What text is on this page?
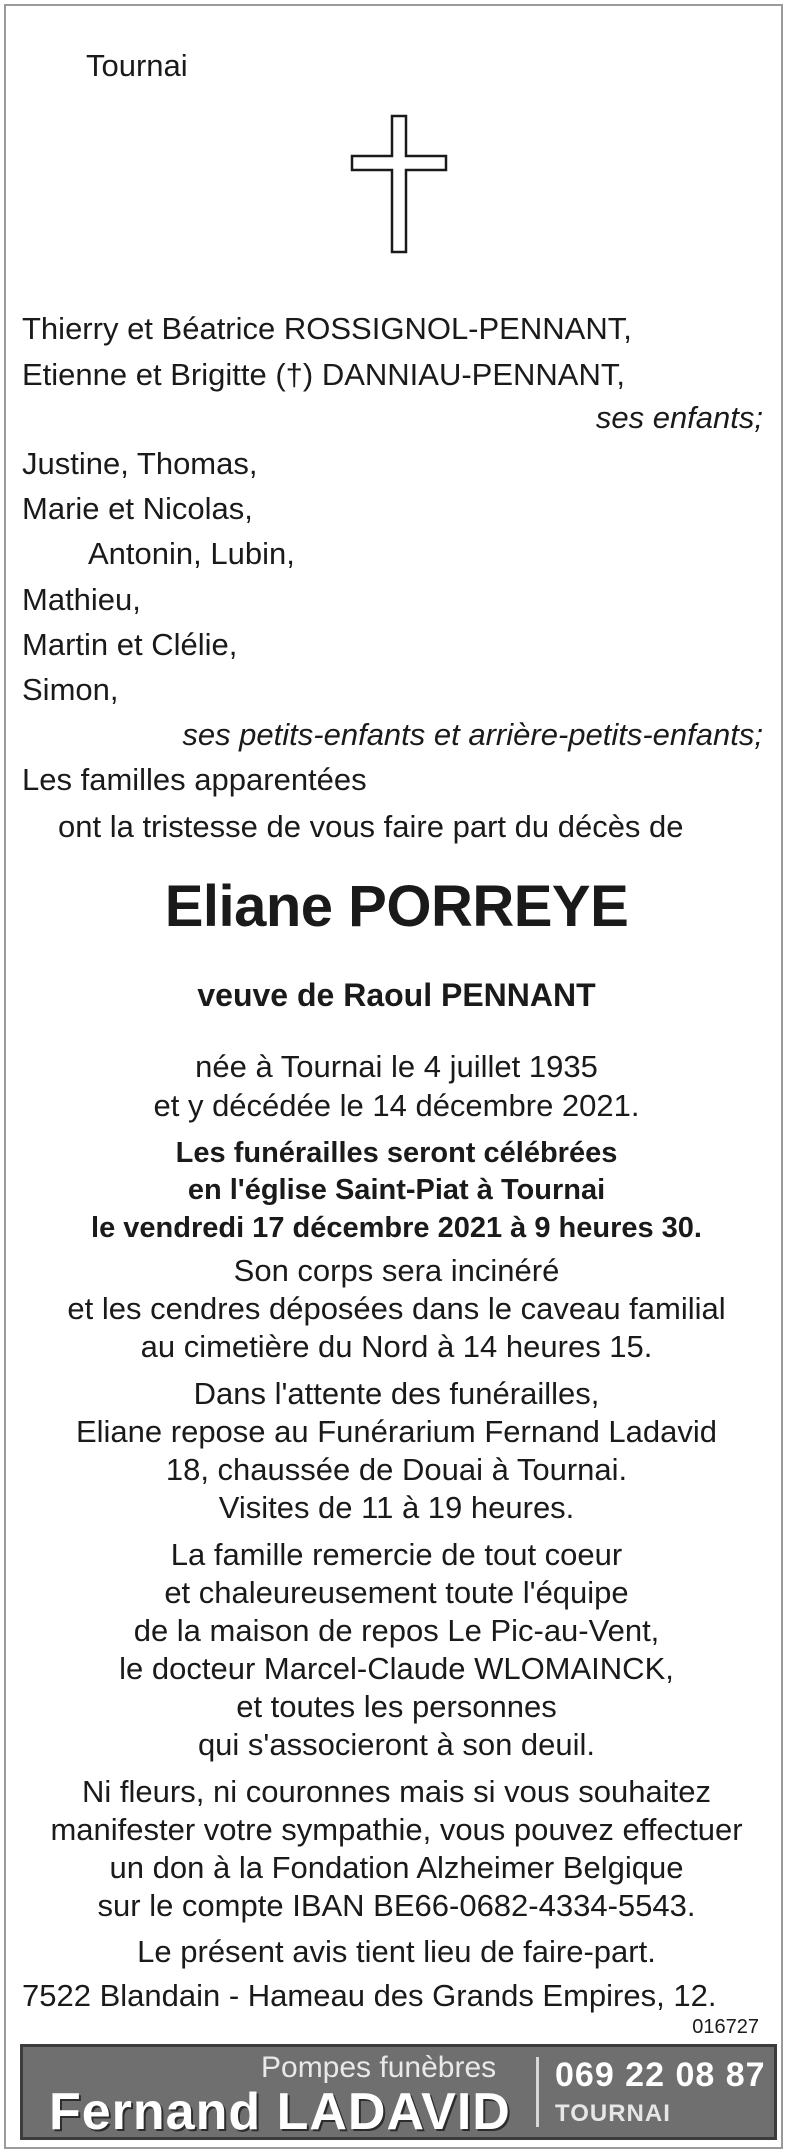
Tournai
Thierry et Béatrice ROSSIGNOL-PENNANT,
Etienne et Brigitte (†) DANNIAU-PENNANT,
ses enfants;
Justine, Thomas,
Marie et Nicolas,
Antonin, Lubin,
Mathieu,
Martin et Clélie,
Simon,
ses petits-enfants et arrière-petits-enfants;
Les familles apparentées
ont la tristesse de vous faire part du décès de
Eliane PORREYE
veuve de Raoul PENNANT
née à Tournai le 4 juillet 1935
et y décédée le 14 décembre 2021.
Les funérailles seront célébrées
en l'église Saint-Piat à Tournai
le vendredi 17 décembre 2021 à 9 heures 30.
Son corps sera incinéré
et les cendres déposées dans le caveau familial
au cimetière du Nord à 14 heures 15.
Dans l'attente des funérailles,
Eliane repose au Funérarium Fernand Ladavid
18, chaussée de Douai à Tournai.
Visites de 11 à 19 heures.
La famille remercie de tout coeur
et chaleureusement toute l'équipe
de la maison de repos Le Pic-au-Vent,
le docteur Marcel-Claude WLOMAINCK,
et toutes les personnes
qui s'associeront à son deuil.
Ni fleurs, ni couronnes mais si vous souhaitez
manifester votre sympathie, vous pouvez effectuer
un don à la Fondation Alzheimer Belgique
sur le compte IBAN BE66-0682-4334-5543.
Le présent avis tient lieu de faire-part.
7522 Blandain - Hameau des Grands Empires, 12.
016727
Pompes funèbres
Fernand LADAVID
069 22 08 87
TOURNAI
